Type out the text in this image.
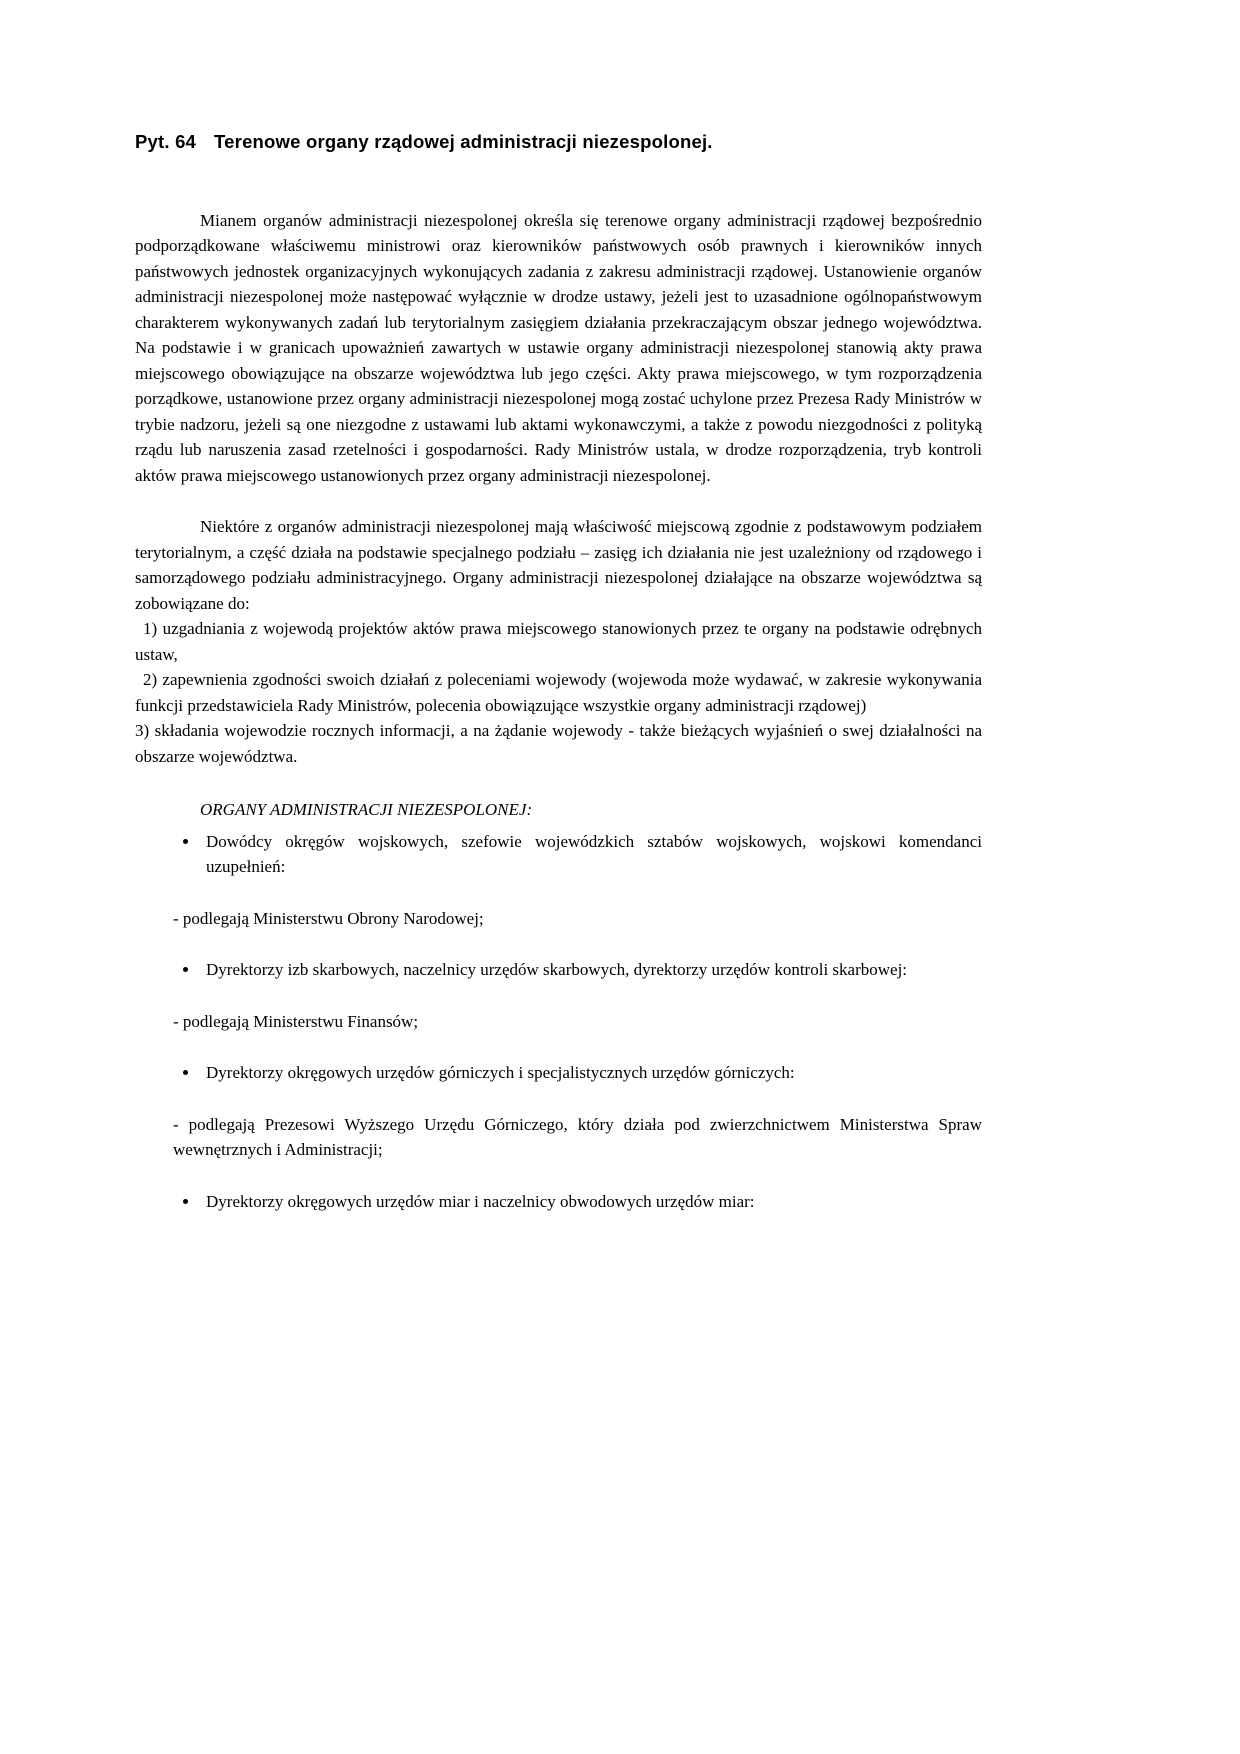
Pyt. 64 Terenowe organy rządowej administracji niezespolonej.

Mianem organów administracji niezespolonej określa się terenowe organy administracji rządowej bezpośrednio podporządkowane właściwemu ministrowi oraz kierowników państwowych osób prawnych i kierowników innych państwowych jednostek organizacyjnych wykonujących zadania z zakresu administracji rządowej. Ustanowienie organów administracji niezespolonej może następować wyłącznie w drodze ustawy, jeżeli jest to uzasadnione ogólnopaństwowym charakterem wykonywanych zadań lub terytorialnym zasięgiem działania przekraczającym obszar jednego województwa. Na podstawie i w granicach upoważnień zawartych w ustawie organy administracji niezespolonej stanowią akty prawa miejscowego obowiązujące na obszarze województwa lub jego części. Akty prawa miejscowego, w tym rozporządzenia porządkowe, ustanowione przez organy administracji niezespolonej mogą zostać uchylone przez Prezesa Rady Ministrów w trybie nadzoru, jeżeli są one niezgodne z ustawami lub aktami wykonawczymi, a także z powodu niezgodności z polityką rządu lub naruszenia zasad rzetelności i gospodarności. Rady Ministrów ustala, w drodze rozporządzenia, tryb kontroli aktów prawa miejscowego ustanowionych przez organy administracji niezespolonej.

Niektóre z organów administracji niezespolonej mają właściwość miejscową zgodnie z podstawowym podziałem terytorialnym, a część działa na podstawie specjalnego podziału – zasięg ich działania nie jest uzależniony od rządowego i samorządowego podziału administracyjnego. Organy administracji niezespolonej działające na obszarze województwa są zobowiązane do:

1) uzgadniania z wojewodą projektów aktów prawa miejscowego stanowionych przez te organy na podstawie odrębnych ustaw,

2) zapewnienia zgodności swoich działań z poleceniami wojewody (wojewoda może wydawać, w zakresie wykonywania funkcji przedstawiciela Rady Ministrów, polecenia obowiązujące wszystkie organy administracji rządowej)

3) składania wojewodzie rocznych informacji, a na żądanie wojewody - także bieżących wyjaśnień o swej działalności na obszarze województwa.

ORGANY ADMINISTRACJI NIEZESPOLONEJ:

• Dowódcy okręgów wojskowych, szefowie wojewódzkich sztabów wojskowych, wojskowi komendanci uzupełnień:

- podlegają Ministerstwu Obrony Narodowej;

• Dyrektorzy izb skarbowych, naczelnicy urzędów skarbowych, dyrektorzy urzędów kontroli skarbowej:

- podlegają Ministerstwu Finansów;

• Dyrektorzy okręgowych urzędów górniczych i specjalistycznych urzędów górniczych:

- podlegają Prezesowi Wyższego Urzędu Górniczego, który działa pod zwierzchnictwem Ministerstwa Spraw wewnętrznych i Administracji;

• Dyrektorzy okręgowych urzędów miar i naczelnicy obwodowych urzędów miar:
